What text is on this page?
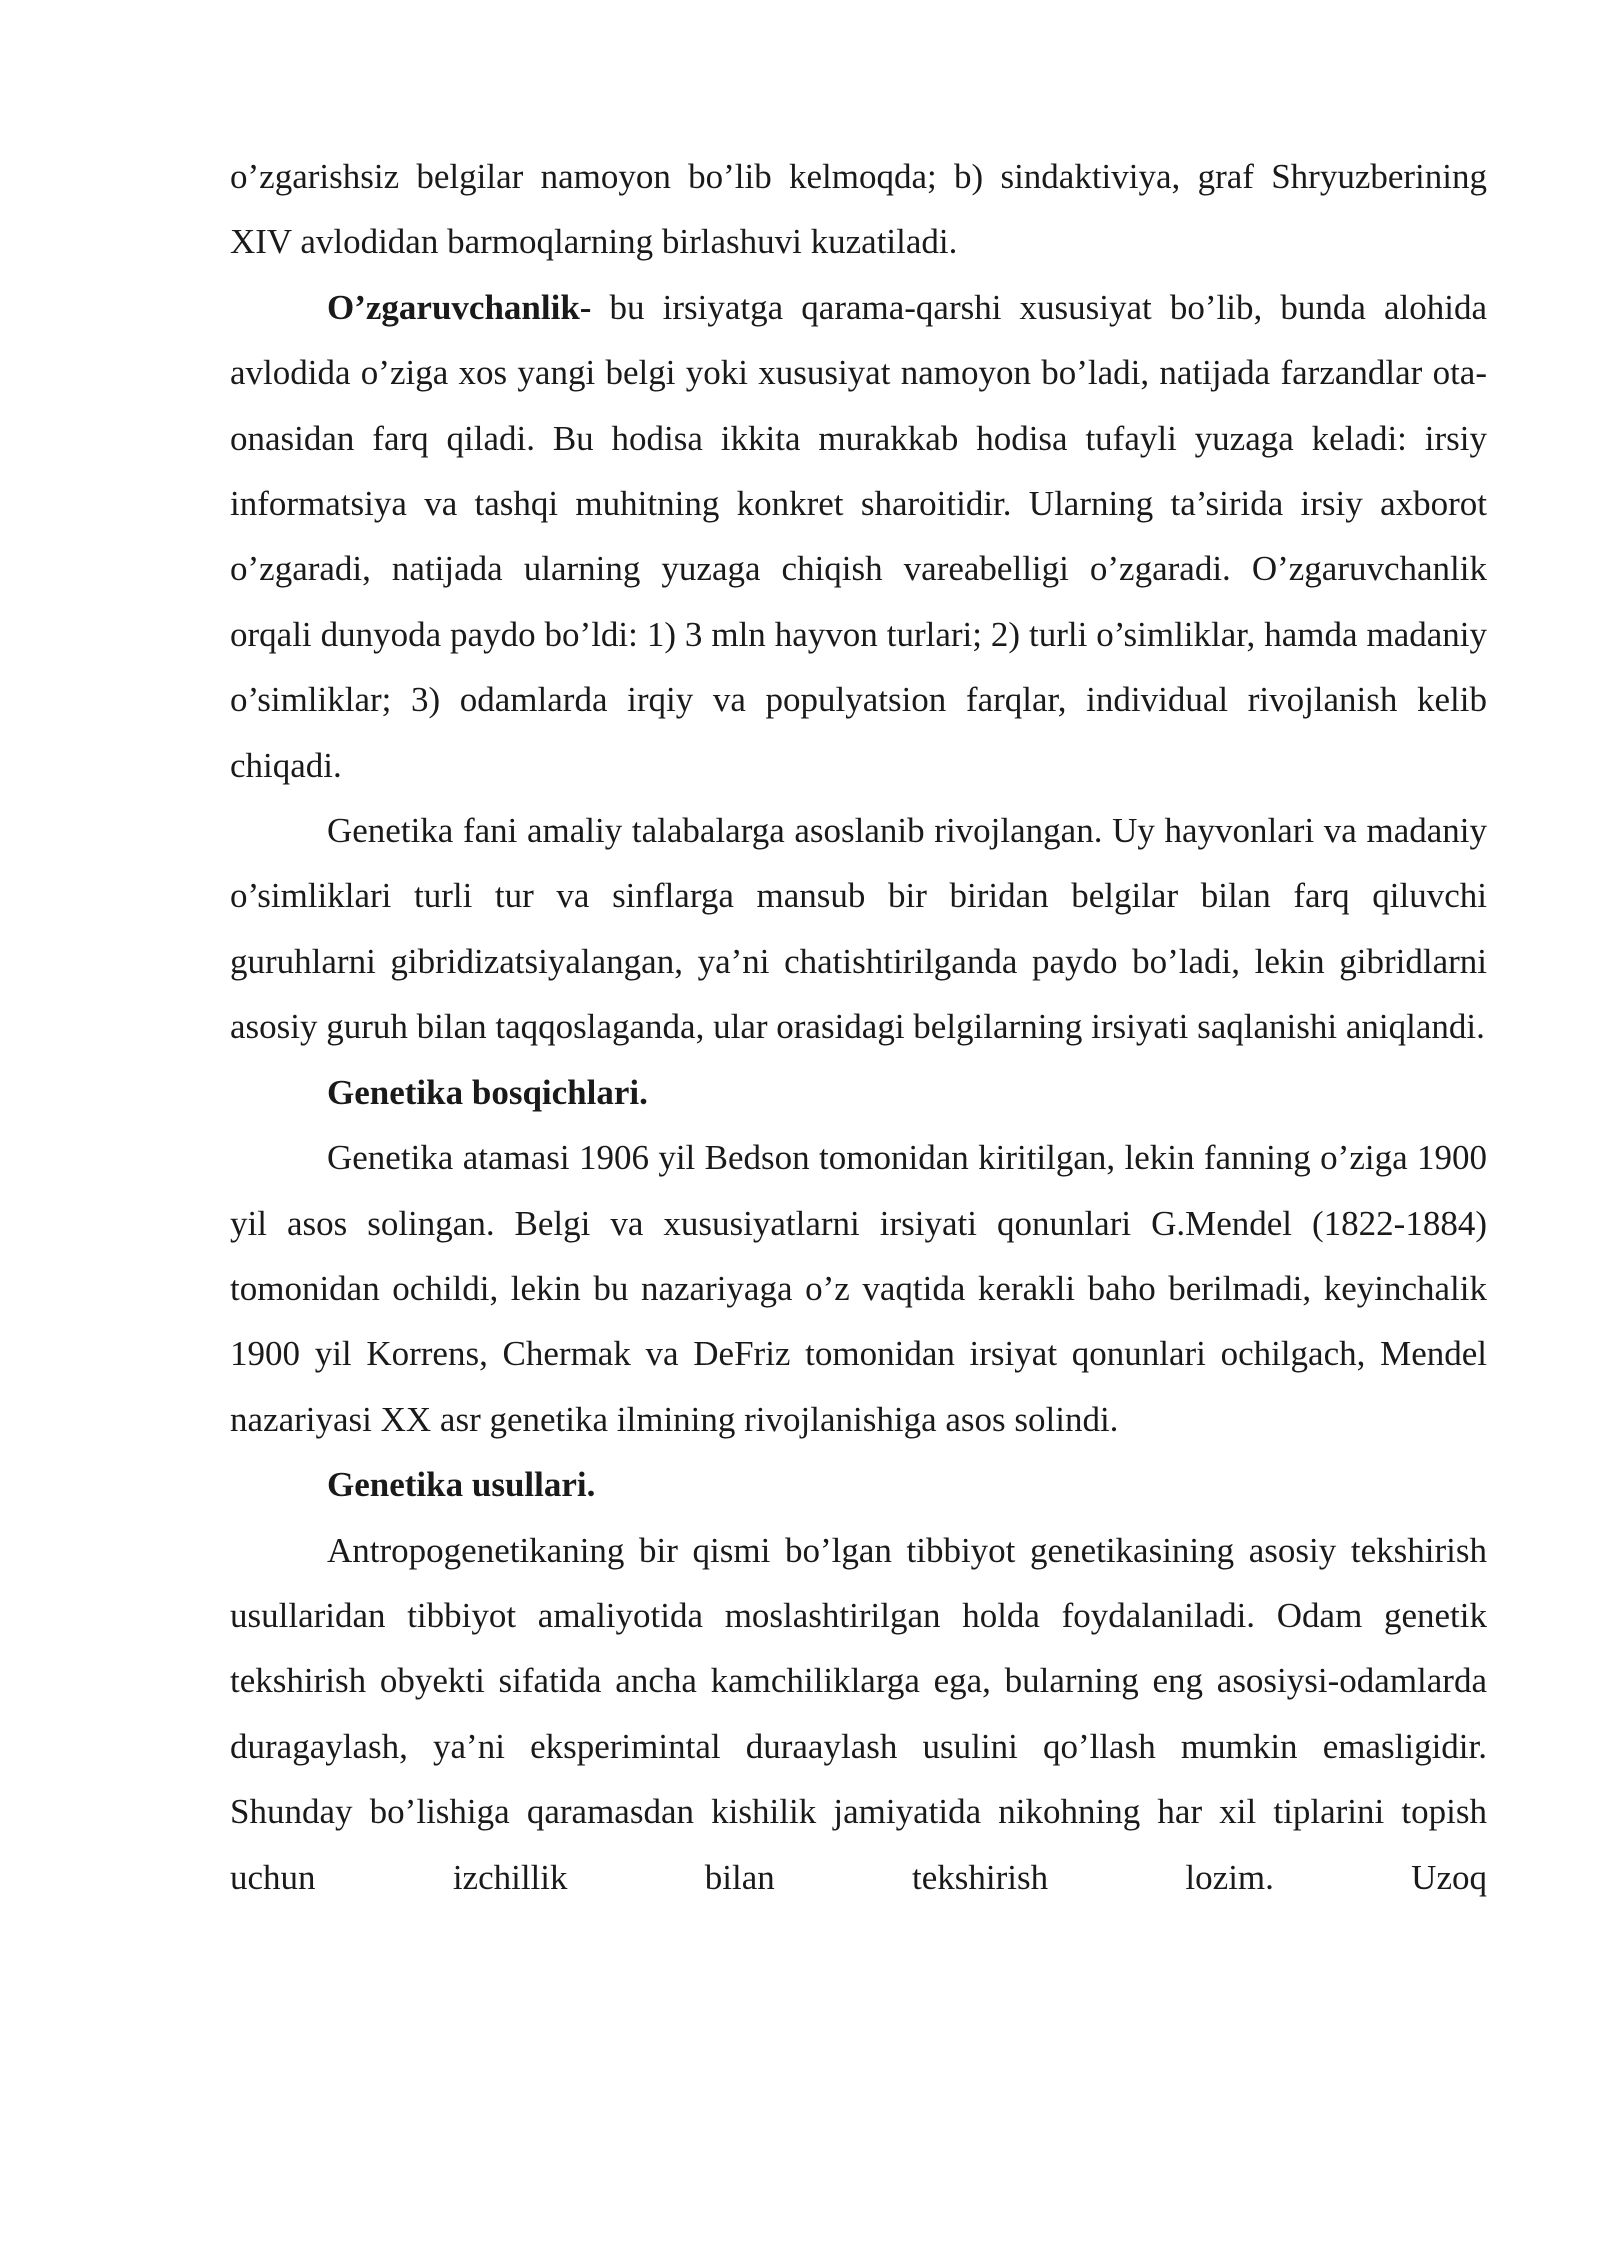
o’zgarishsiz belgilar namoyon bo’lib kelmoqda; b) sindaktiviya, graf Shryuzberining XIV avlodidan barmoqlarning birlashuvi kuzatiladi.

O’zgaruvchanlik- bu irsiyatga qarama-qarshi xususiyat bo’lib, bunda alohida avlodida o’ziga xos yangi belgi yoki xususiyat namoyon bo’ladi, natijada farzandlar ota-onasidan farq qiladi. Bu hodisa ikkita murakkab hodisa tufayli yuzaga keladi: irsiy informatsiya va tashqi muhitning konkret sharoitidir. Ularning ta’sirida irsiy axborot o’zgaradi, natijada ularning yuzaga chiqish vareabelligi o’zgaradi. O’zgaruvchanlik orqali dunyoda paydo bo’ldi: 1) 3 mln hayvon turlari; 2) turli o’simliklar, hamda madaniy o’simliklar; 3) odamlarda irqiy va populyatsion farqlar, individual rivojlanish kelib chiqadi.

Genetika fani amaliy talabalarga asoslanib rivojlangan. Uy hayvonlari va madaniy o’simliklari turli tur va sinflarga mansub bir biridan belgilar bilan farq qiluvchi guruhlarni gibridizatsiyalangan, ya’ni chatishtirilganda paydo bo’ladi, lekin gibridlarni asosiy guruh bilan taqqoslaganda, ular orasidagi belgilarning irsiyati saqlanishi aniqlandi.

Genetika bosqichlari.

Genetika atamasi 1906 yil Bedson tomonidan kiritilgan, lekin fanning o’ziga 1900 yil asos solingan. Belgi va xususiyatlarni irsiyati qonunlari G.Mendel (1822-1884) tomonidan ochildi, lekin bu nazariyaga o’z vaqtida kerakli baho berilmadi, keyinchalik 1900 yil Korrens, Chermak va DeFriz tomonidan irsiyat qonunlari ochilgach, Mendel nazariyasi XX asr genetika ilmining rivojlanishiga asos solindi.

Genetika usullari.

Antropogenetikaning bir qismi bo’lgan tibbiyot genetikasining asosiy tekshirish usullaridan tibbiyot amaliyotida moslashtirilgan holda foydalaniladi. Odam genetik tekshirish obyekti sifatida ancha kamchiliklarga ega, bularning eng asosiysi-odamlarda duragaylash, ya’ni eksperimintal duraaylash usulini qo’llash mumkin emasligidir. Shunday bo’lishiga qaramasdan kishilik jamiyatida nikohning har xil tiplarini topish uchun izchillik bilan tekshirish lozim. Uzoq
